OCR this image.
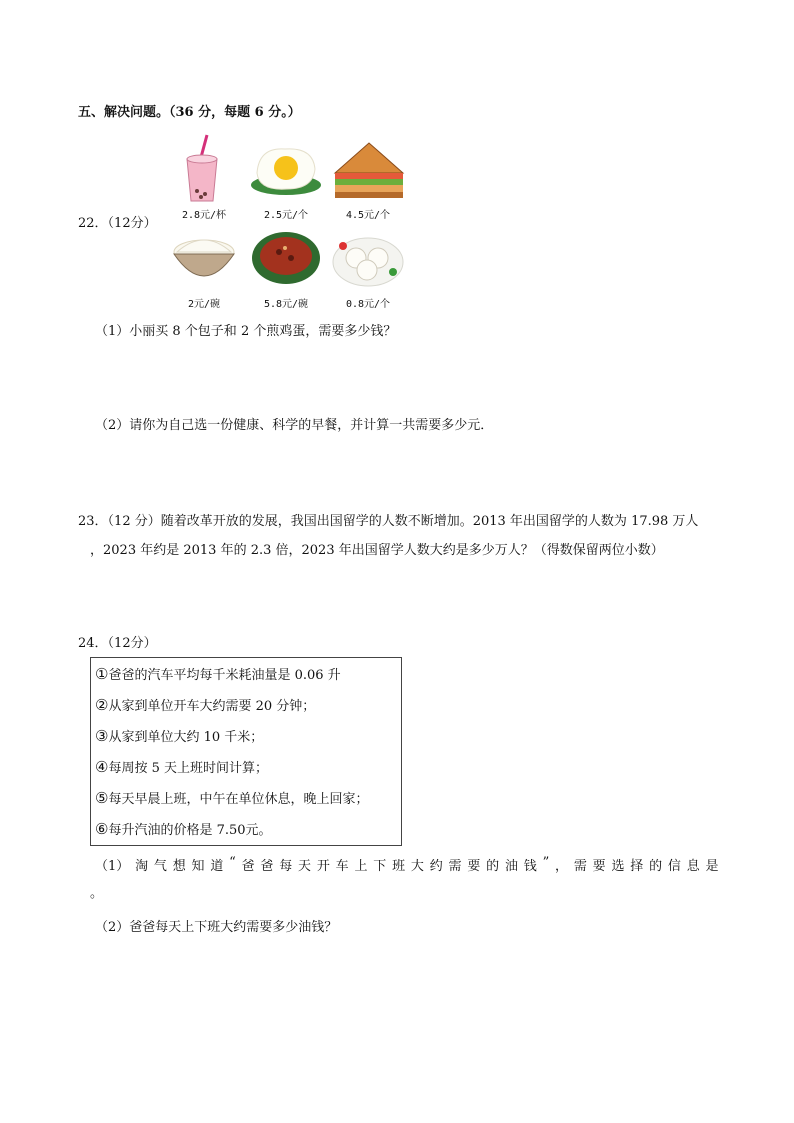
五、解决问题。（36 分，每题 6 分。）
22．（12分）
2.8元/杯	2.5元/个	4.5元/个
2元/碗	5.8元/碗	0.8元/个
（1）小丽买 8 个包子和 2 个煎鸡蛋，需要多少钱？
（2）请你为自己选一份健康、科学的早餐，并计算一共需要多少元．
23．（12 分）随着改革开放的发展，我国出国留学的人数不断增加。2013 年出国留学的人数为 17.98 万人
，2023 年约是 2013 年的 2.3 倍，2023 年出国留学人数大约是多少万人？（得数保留两位小数）
24．（12分）
①爸爸的汽车平均每千米耗油量是 0.06 升
②从家到单位开车大约需要 20 分钟；
③从家到单位大约 10 千米；
④每周按 5 天上班时间计算；
⑤每天早晨上班，中午在单位休息，晚上回家；
⑥每升汽油的价格是 7.50元。
（1） 淘 气 想 知 道 “ 爸 爸 每 天 开 车 上 下 班 大 约 需 要 的 油 钱 ” ， 需 要 选 择 的 信 息 是
。
（2）爸爸每天上下班大约需要多少油钱？
